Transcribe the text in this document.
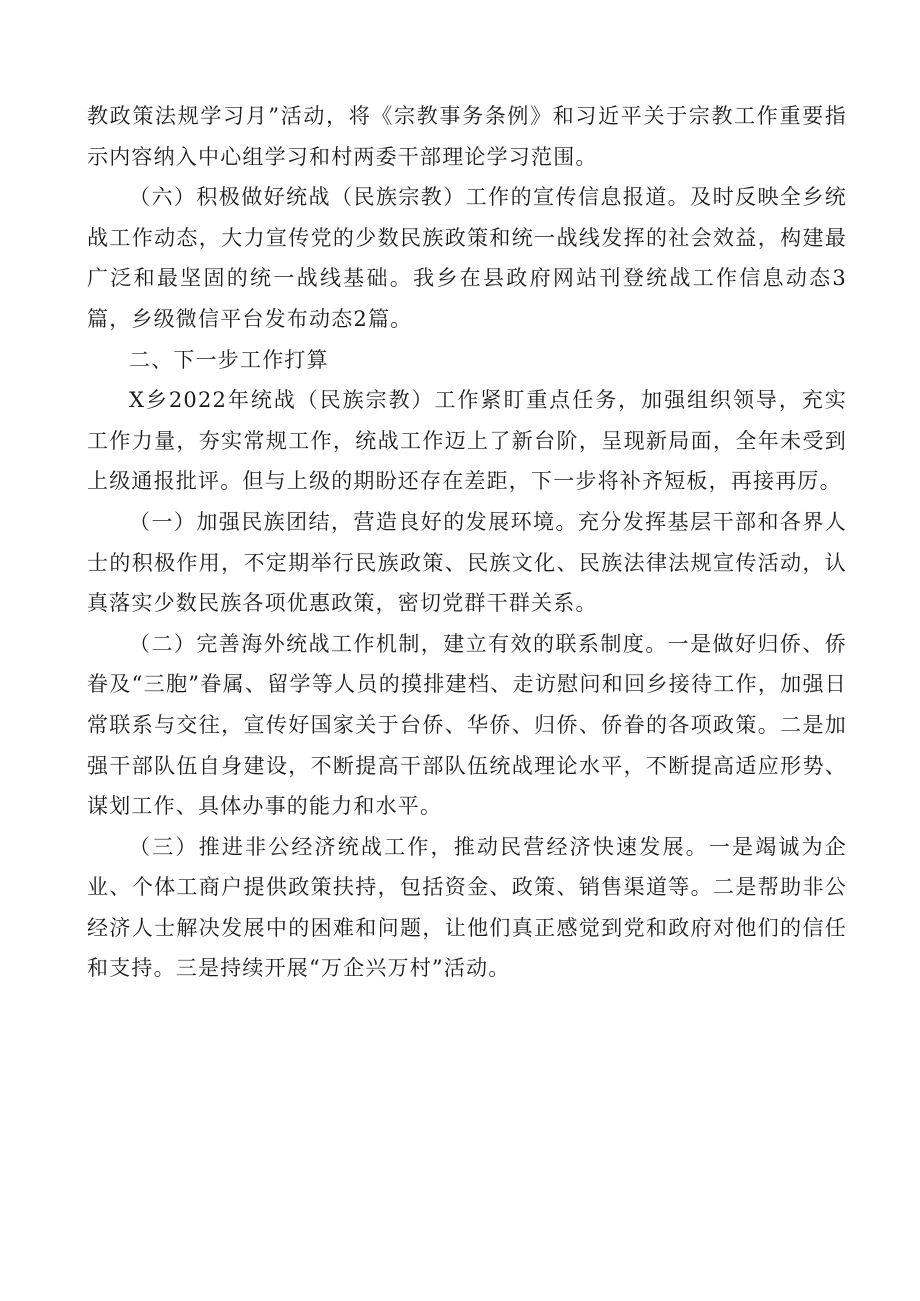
教政策法规学习月”活动，将《宗教事务条例》和习近平关于宗教工作重要指示内容纳入中心组学习和村两委干部理论学习范围。

（六）积极做好统战（民族宗教）工作的宣传信息报道。及时反映全乡统战工作动态，大力宣传党的少数民族政策和统一战线发挥的社会效益，构建最广泛和最坚固的统一战线基础。我乡在县政府网站刊登统战工作信息动态3篇，乡级微信平台发布动态2篇。

二、下一步工作打算

X乡2022年统战（民族宗教）工作紧盯重点任务，加强组织领导，充实工作力量，夯实常规工作，统战工作迈上了新台阶，呈现新局面，全年未受到上级通报批评。但与上级的期盼还存在差距，下一步将补齐短板，再接再厉。

（一）加强民族团结，营造良好的发展环境。充分发挥基层干部和各界人士的积极作用，不定期举行民族政策、民族文化、民族法律法规宣传活动，认真落实少数民族各项优惠政策，密切党群干群关系。

（二）完善海外统战工作机制，建立有效的联系制度。一是做好归侨、侨眷及“三胞”眷属、留学等人员的摸排建档、走访慰问和回乡接待工作，加强日常联系与交往，宣传好国家关于台侨、华侨、归侨、侨眷的各项政策。二是加强干部队伍自身建设，不断提高干部队伍统战理论水平，不断提高适应形势、谋划工作、具体办事的能力和水平。

（三）推进非公经济统战工作，推动民营经济快速发展。一是竭诚为企业、个体工商户提供政策扶持，包括资金、政策、销售渠道等。二是帮助非公经济人士解决发展中的困难和问题，让他们真正感觉到党和政府对他们的信任和支持。三是持续开展“万企兴万村”活动。
